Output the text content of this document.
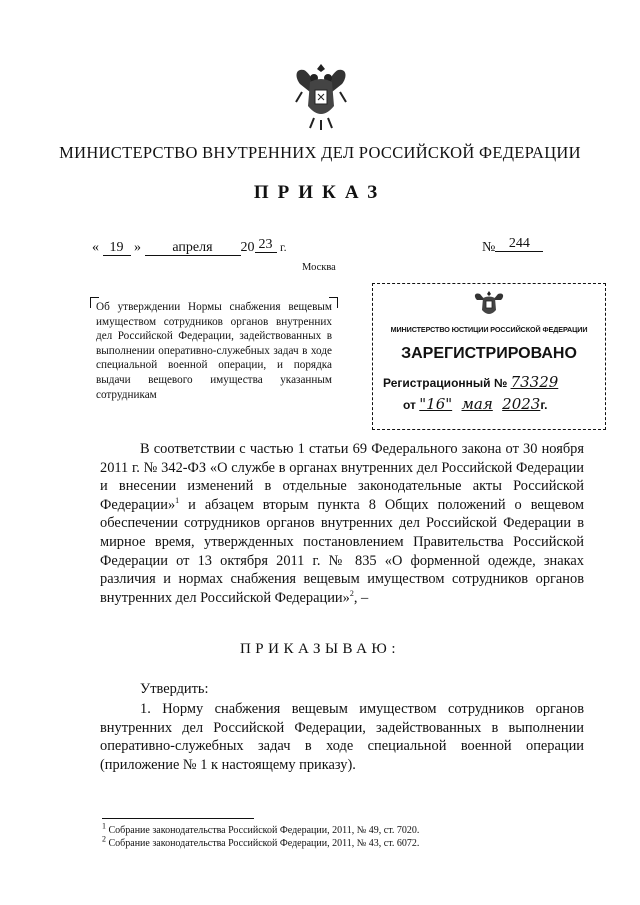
МИНИСТЕРСТВО ВНУТРЕННИХ ДЕЛ РОССИЙСКОЙ ФЕДЕРАЦИИ
ПРИКАЗ
« 19 » апреля 20 23 г.	№ 244
Москва
Об утверждении Нормы снабжения вещевым имуществом сотрудников органов внутренних дел Российской Федерации, задействованных в выполнении оперативно-служебных задач в ходе специальной военной операции, и порядка выдачи вещевого имущества указанным сотрудникам
МИНИСТЕРСТВО ЮСТИЦИИ РОССИЙСКОЙ ФЕДЕРАЦИИ
ЗАРЕГИСТРИРОВАНО
Регистрационный № 73329
от "16" мая 2023г.

В соответствии с частью 1 статьи 69 Федерального закона от 30 ноября 2011 г. № 342-ФЗ «О службе в органах внутренних дел Российской Федерации и внесении изменений в отдельные законодательные акты Российской Федерации»$^1$ и абзацем вторым пункта 8 Общих положений о вещевом обеспечении сотрудников органов внутренних дел Российской Федерации в мирное время, утвержденных постановлением Правительства Российской Федерации от 13 октября 2011 г. № 835 «О форменной одежде, знаках различия и нормах снабжения вещевым имуществом сотрудников органов внутренних дел Российской Федерации»$^2$, –

ПРИКАЗЫВАЮ:
Утвердить:

1. Норму снабжения вещевым имуществом сотрудников органов внутренних дел Российской Федерации, задействованных в выполнении оперативно-служебных задач в ходе специальной военной операции (приложение № 1 к настоящему приказу).

$^1$ Собрание законодательства Российской Федерации, 2011, № 49, ст. 7020.
$^2$ Собрание законодательства Российской Федерации, 2011, № 43, ст. 6072.
